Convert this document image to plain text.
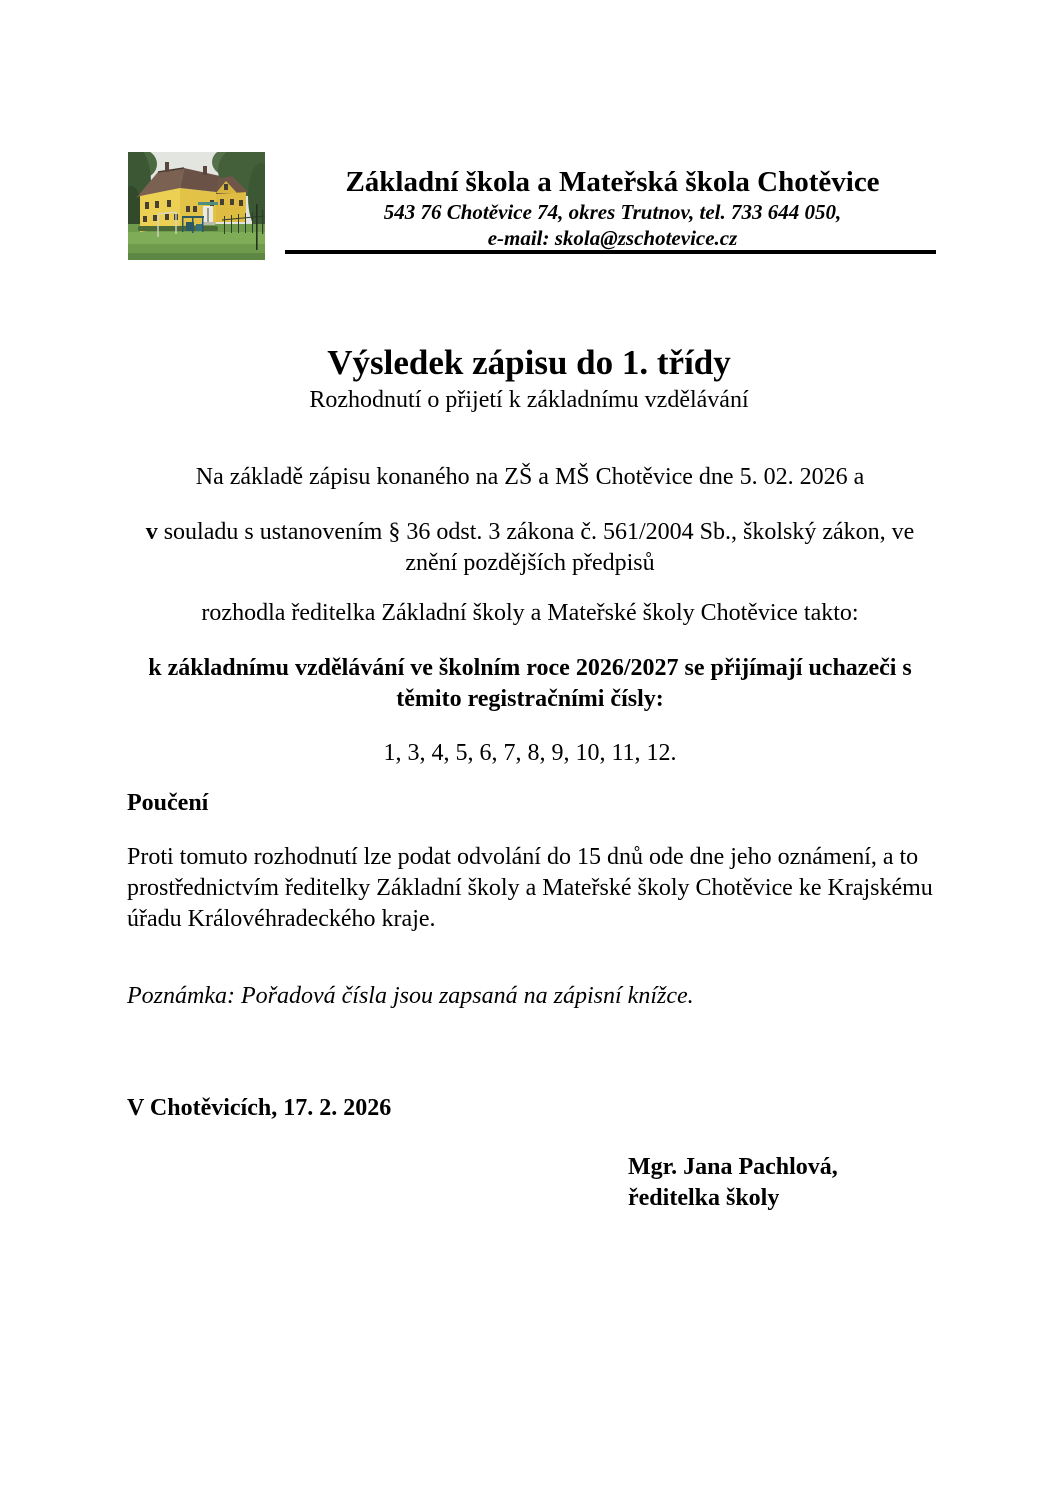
Základní škola a Mateřská škola Chotěvice
543 76 Chotěvice 74, okres Trutnov, tel. 733 644 050,
e-mail: skola@zschotevice.cz
Výsledek zápisu do 1. třídy
Rozhodnutí o přijetí k základnímu vzdělávání

Na základě zápisu konaného na ZŠ a MŠ Chotěvice dne 5. 02. 2026 a

v souladu s ustanovením § 36 odst. 3 zákona č. 561/2004 Sb., školský zákon, ve znění pozdějších předpisů

rozhodla ředitelka Základní školy a Mateřské školy Chotěvice takto:

k základnímu vzdělávání ve školním roce 2026/2027 se přijímají uchazeči s těmito registračními čísly:

1, 3, 4, 5, 6, 7, 8, 9, 10, 11, 12.

Poučení

Proti tomuto rozhodnutí lze podat odvolání do 15 dnů ode dne jeho oznámení, a to prostřednictvím ředitelky Základní školy a Mateřské školy Chotěvice ke Krajskému úřadu Královéhradeckého kraje.

Poznámka: Pořadová čísla jsou zapsaná na zápisní knížce.

V Chotěvicích, 17. 2. 2026

Mgr. Jana Pachlová,
ředitelka školy
